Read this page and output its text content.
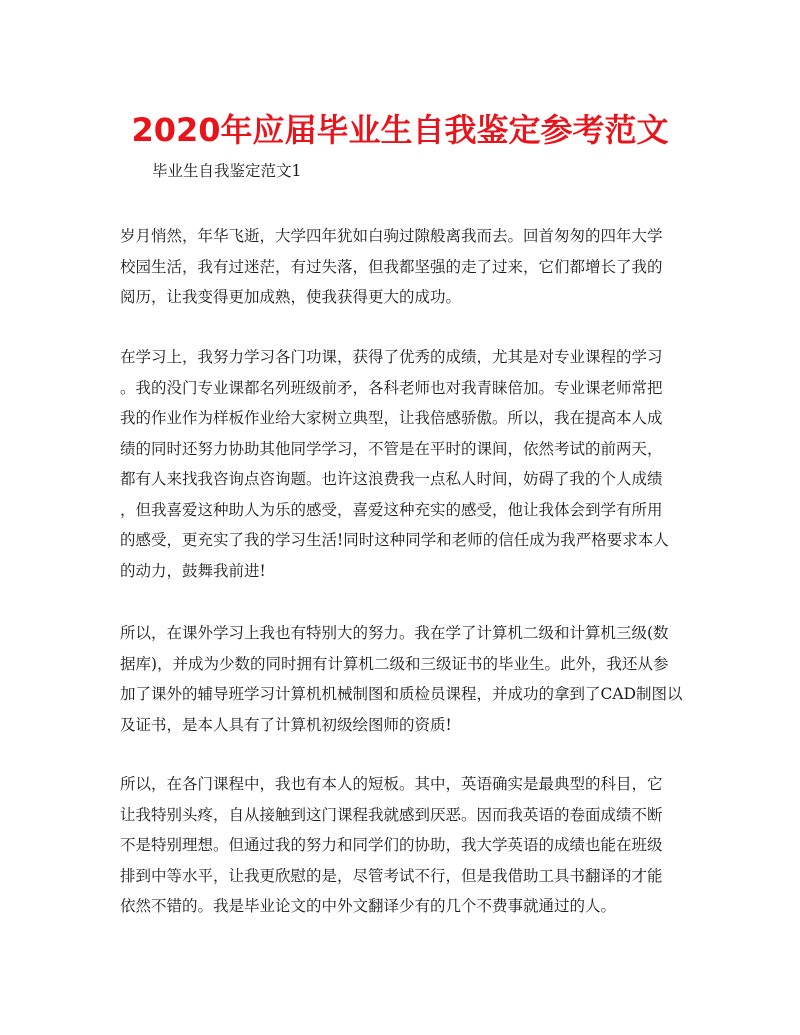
2020年应届毕业生自我鉴定参考范文
毕业生自我鉴定范文1
岁月悄然，年华飞逝，大学四年犹如白驹过隙般离我而去。回首匆匆的四年大学
校园生活，我有过迷茫，有过失落，但我都坚强的走了过来，它们都增长了我的
阅历，让我变得更加成熟，使我获得更大的成功。
在学习上，我努力学习各门功课，获得了优秀的成绩，尤其是对专业课程的学习
。我的没门专业课都名列班级前矛，各科老师也对我青睐倍加。专业课老师常把
我的作业作为样板作业给大家树立典型，让我倍感骄傲。所以，我在提高本人成
绩的同时还努力协助其他同学学习，不管是在平时的课间，依然考试的前两天，
都有人来找我咨询点咨询题。也许这浪费我一点私人时间，妨碍了我的个人成绩
，但我喜爱这种助人为乐的感受，喜爱这种充实的感受，他让我体会到学有所用
的感受，更充实了我的学习生活!同时这种同学和老师的信任成为我严格要求本人
的动力，鼓舞我前进!
所以，在课外学习上我也有特别大的努力。我在学了计算机二级和计算机三级(数
据库)，并成为少数的同时拥有计算机二级和三级证书的毕业生。此外，我还从参
加了课外的辅导班学习计算机机械制图和质检员课程，并成功的拿到了CAD制图以
及证书，是本人具有了计算机初级绘图师的资质!
所以，在各门课程中，我也有本人的短板。其中，英语确实是最典型的科目，它
让我特别头疼，自从接触到这门课程我就感到厌恶。因而我英语的卷面成绩不断
不是特别理想。但通过我的努力和同学们的协助，我大学英语的成绩也能在班级
排到中等水平，让我更欣慰的是，尽管考试不行，但是我借助工具书翻译的才能
依然不错的。我是毕业论文的中外文翻译少有的几个不费事就通过的人。
